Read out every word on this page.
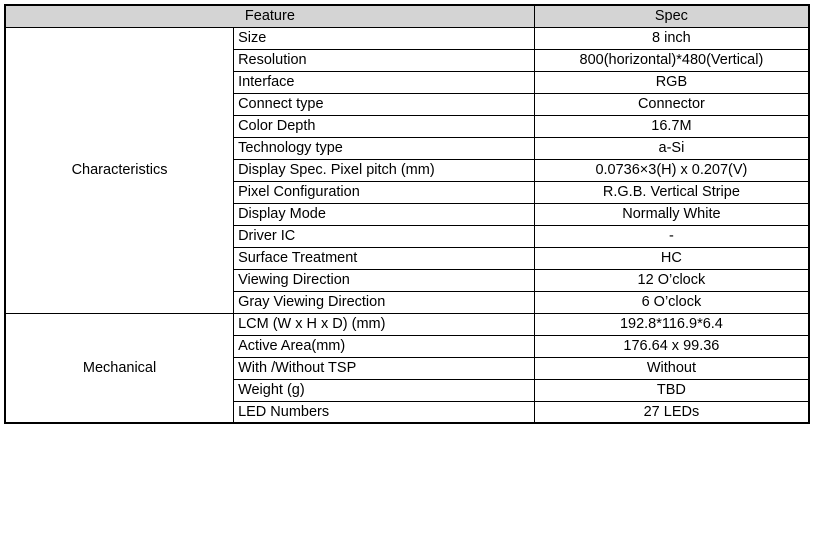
Feature		Spec
Characteristics	Size	8 inch
	Resolution	800(horizontal)*480(Vertical)
	Interface	RGB
	Connect type	Connector
	Color Depth	16.7M
	Technology type	a-Si
	Display Spec. Pixel pitch (mm)	0.0736×3(H) x 0.207(V)
	Pixel Configuration	R.G.B. Vertical Stripe
	Display Mode	Normally White
	Driver IC	-
	Surface Treatment	HC
	Viewing Direction	12 O’clock
	Gray Viewing Direction	6 O’clock
Mechanical	LCM (W x H x D) (mm)	192.8*116.9*6.4
	Active Area(mm)	176.64 x 99.36
	With /Without TSP	Without
	Weight (g)	TBD
	LED Numbers	27 LEDs
